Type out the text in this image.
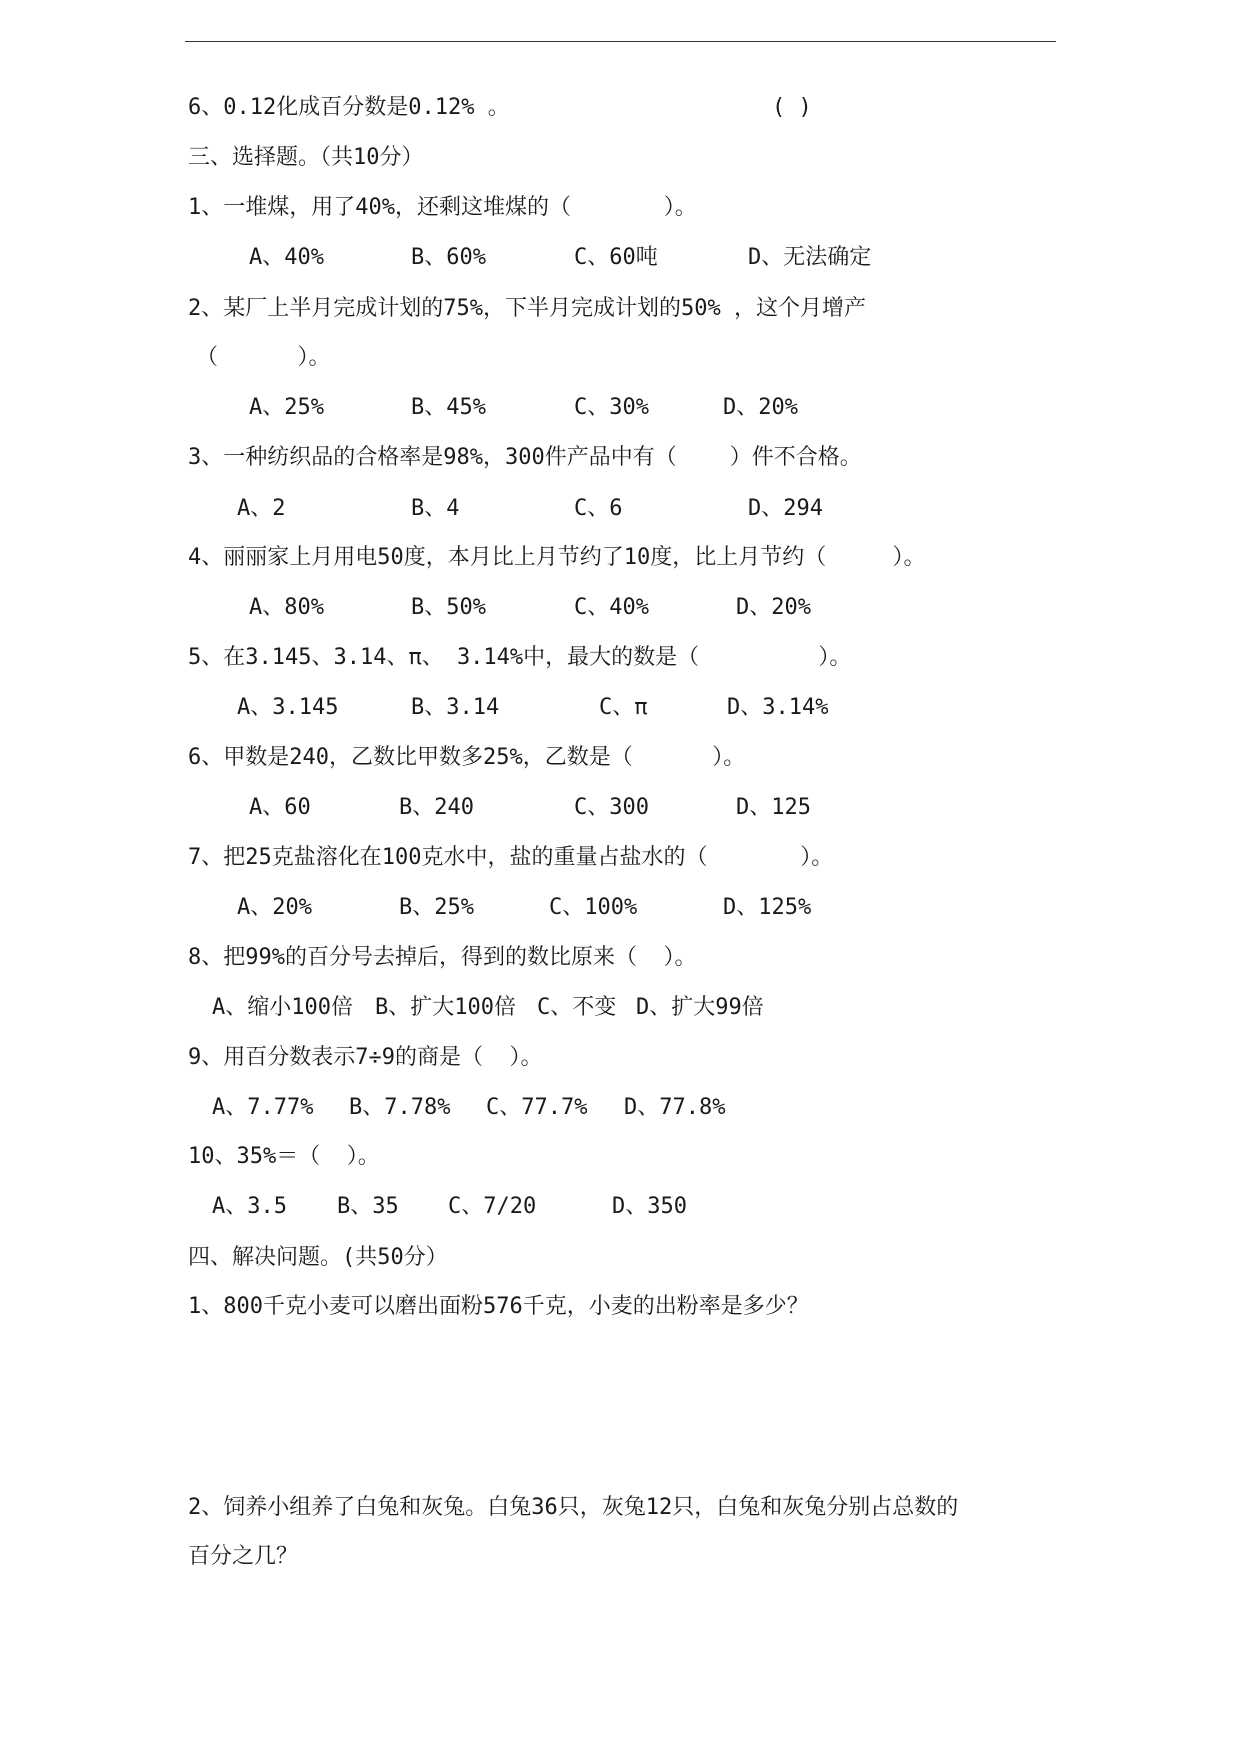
6、0.12化成百分数是0.12% 。	( )
三、选择题。（共10分）
1、一堆煤，用了40%，还剩这堆煤的（       ）。
A、40%	B、60%	C、60吨	D、无法确定
2、某厂上半月完成计划的75%，下半月完成计划的50% ，这个月增产
（      ）。
A、25%	B、45%	C、30%	D、20%
3、一种纺织品的合格率是98%，300件产品中有（    ）件不合格。
A、2	B、4	C、6	D、294
4、丽丽家上月用电50度，本月比上月节约了10度，比上月节约（     ）。
A、80%	B、50%	C、40%	D、20%
5、在3.145、3.14、π、 3.14%中，最大的数是（         ）。
A、3.145	B、3.14	C、π	D、3.14%
6、甲数是240，乙数比甲数多25%，乙数是（      ）。
A、60	B、240	C、300	D、125
7、把25克盐溶化在100克水中，盐的重量占盐水的（       ）。
A、20%	B、25%	C、100%	D、125%
8、把99%的百分号去掉后，得到的数比原来（  ）。
A、缩小100倍 B、扩大100倍 C、不变 D、扩大99倍
9、用百分数表示7÷9的商是（  ）。
A、7.77% B、7.78% C、77.7% D、77.8%
10、35%＝（  ）。
A、3.5 B、35 C、7/20	D、350
四、解决问题。(共50分）
1、800千克小麦可以磨出面粉576千克，小麦的出粉率是多少？
2、饲养小组养了白兔和灰兔。白兔36只，灰兔12只，白兔和灰兔分别占总数的
百分之几？
